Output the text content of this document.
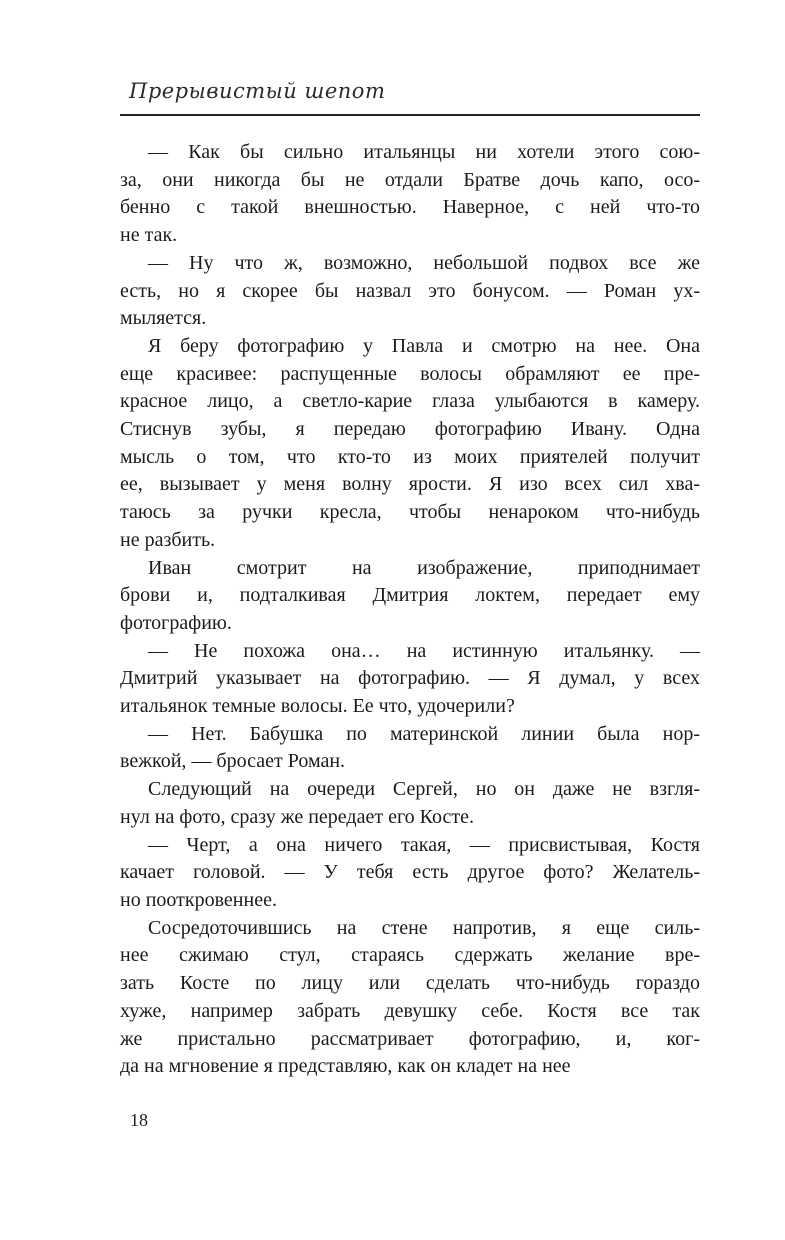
Прерывистый шепот
— Как бы сильно итальянцы ни хотели этого сою-
за, они никогда бы не отдали Братве дочь капо, осо-
бенно с такой внешностью. Наверное, с ней что-то
не так.
— Ну что ж, возможно, небольшой подвох все же
есть, но я скорее бы назвал это бонусом. — Роман ух-
мыляется.
Я беру фотографию у Павла и смотрю на нее. Она
еще красивее: распущенные волосы обрамляют ее пре-
красное лицо, а светло-карие глаза улыбаются в камеру.
Стиснув зубы, я передаю фотографию Ивану. Одна
мысль о том, что кто-то из моих приятелей получит
ее, вызывает у меня волну ярости. Я изо всех сил хва-
таюсь за ручки кресла, чтобы ненароком что-нибудь
не разбить.
Иван смотрит на изображение, приподнимает
брови и, подталкивая Дмитрия локтем, передает ему
фотографию.
— Не похожа она… на истинную итальянку. —
Дмитрий указывает на фотографию. — Я думал, у всех
итальянок темные волосы. Ее что, удочерили?
— Нет. Бабушка по материнской линии была нор-
вежкой, — бросает Роман.
Следующий на очереди Сергей, но он даже не взгля-
нул на фото, сразу же передает его Косте.
— Черт, а она ничего такая, — присвистывая, Костя
качает головой. — У тебя есть другое фото? Желатель-
но пооткровеннее.
Сосредоточившись на стене напротив, я еще силь-
нее сжимаю стул, стараясь сдержать желание вре-
зать Косте по лицу или сделать что-нибудь гораздо
хуже, например забрать девушку себе. Костя все так
же пристально рассматривает фотографию, и, ког-
да на мгновение я представляю, как он кладет на нее
18
